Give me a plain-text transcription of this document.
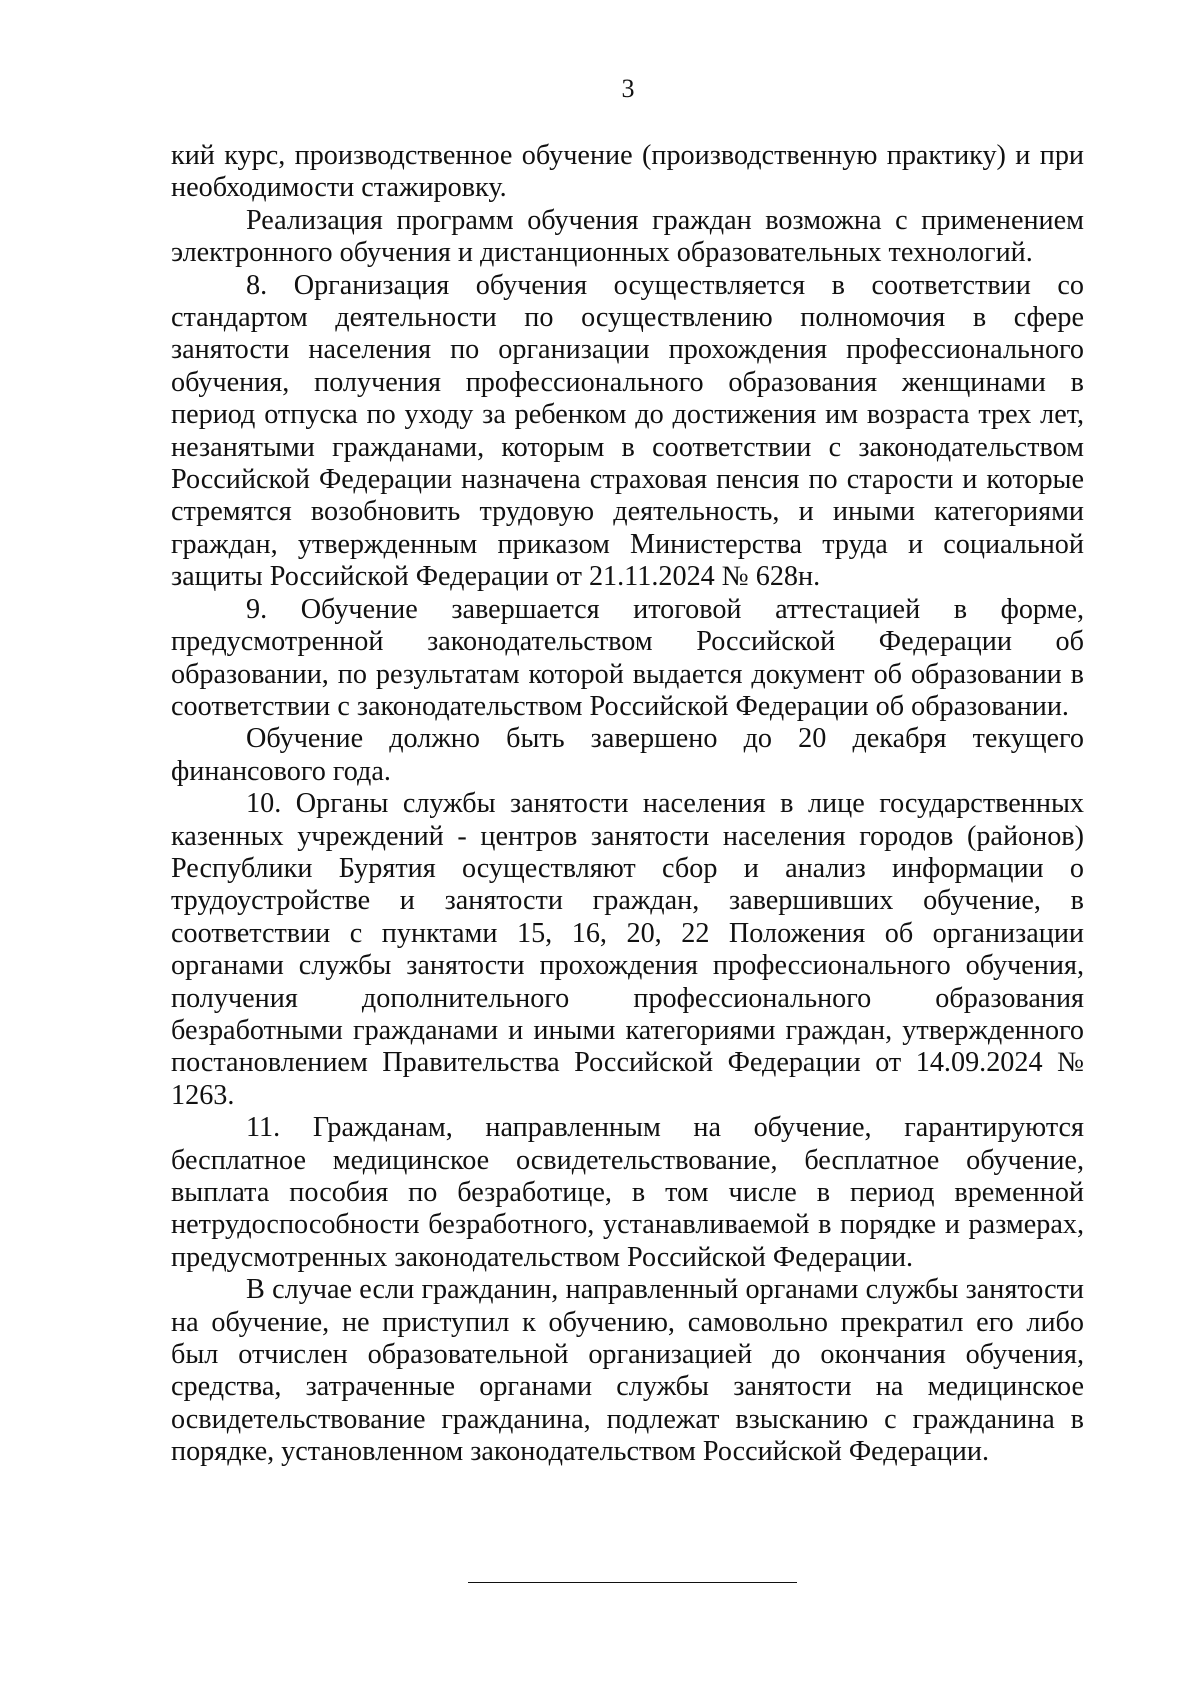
3

кий курс, производственное обучение (производственную практику) и при необходимости стажировку.

Реализация программ обучения граждан возможна с применением электронного обучения и дистанционных образовательных технологий.

8. Организация обучения осуществляется в соответствии со стандартом деятельности по осуществлению полномочия в сфере занятости населения по организации прохождения профессионального обучения, получения профессионального образования женщинами в период отпуска по уходу за ребенком до достижения им возраста трех лет, незанятыми гражданами, которым в соответствии с законодательством Российской Федерации назначена страховая пенсия по старости и которые стремятся возобновить трудовую деятельность, и иными категориями граждан, утвержденным приказом Министерства труда и социальной защиты Российской Федерации от 21.11.2024 № 628н.

9. Обучение завершается итоговой аттестацией в форме, предусмотренной законодательством Российской Федерации об образовании, по результатам которой выдается документ об образовании в соответствии с законодательством Российской Федерации об образовании.

Обучение должно быть завершено до 20 декабря текущего финансового года.

10. Органы службы занятости населения в лице государственных казенных учреждений - центров занятости населения городов (районов) Республики Бурятия осуществляют сбор и анализ информации о трудоустройстве и занятости граждан, завершивших обучение, в соответствии с пунктами 15, 16, 20, 22 Положения об организации органами службы занятости прохождения профессионального обучения, получения дополнительного профессионального образования безработными гражданами и иными категориями граждан, утвержденного постановлением Правительства Российской Федерации от 14.09.2024 № 1263.

11. Гражданам, направленным на обучение, гарантируются бесплатное медицинское освидетельствование, бесплатное обучение, выплата пособия по безработице, в том числе в период временной нетрудоспособности безработного, устанавливаемой в порядке и размерах, предусмотренных законодательством Российской Федерации.

В случае если гражданин, направленный органами службы занятости на обучение, не приступил к обучению, самовольно прекратил его либо был отчислен образовательной организацией до окончания обучения, средства, затраченные органами службы занятости на медицинское освидетельствование гражданина, подлежат взысканию с гражданина в порядке, установленном законодательством Российской Федерации.
